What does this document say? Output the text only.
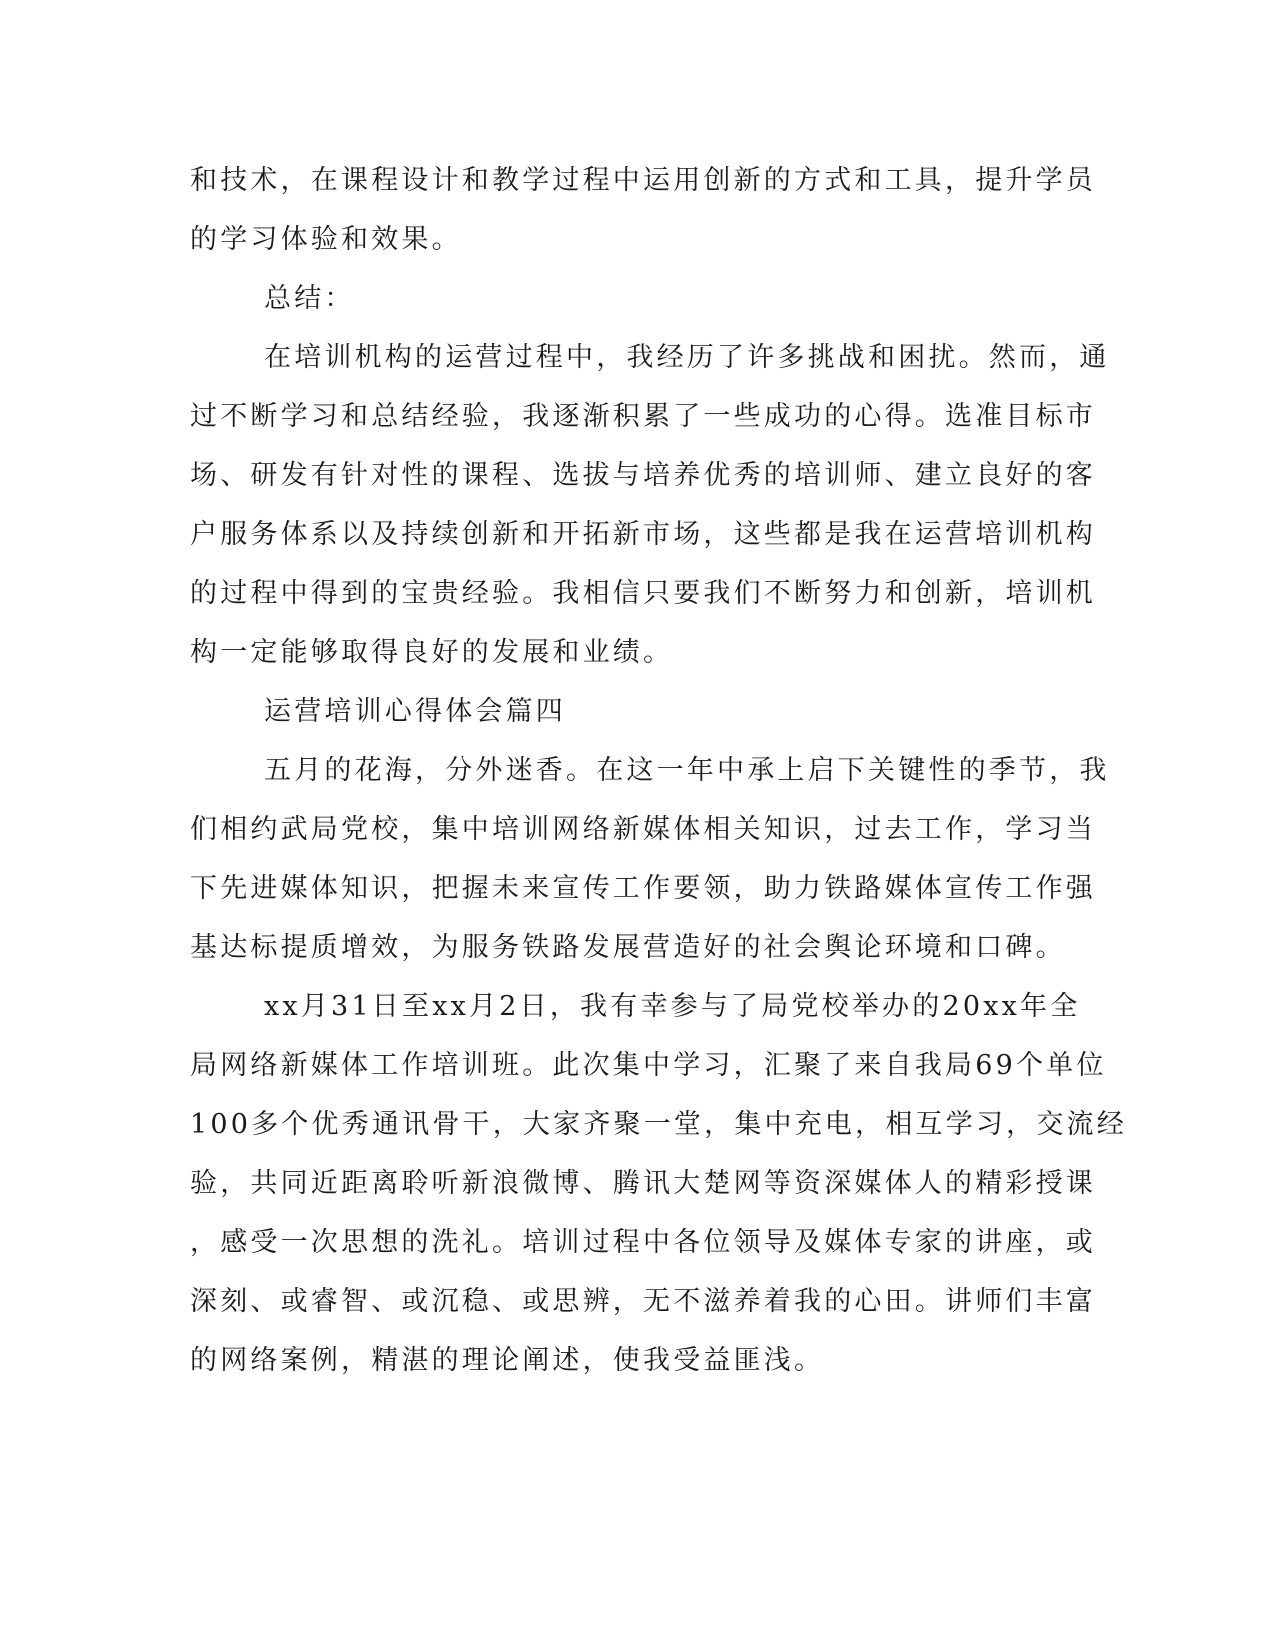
和技术，在课程设计和教学过程中运用创新的方式和工具，提升学员

的学习体验和效果。

总结：

在培训机构的运营过程中，我经历了许多挑战和困扰。然而，通

过不断学习和总结经验，我逐渐积累了一些成功的心得。选准目标市

场、研发有针对性的课程、选拔与培养优秀的培训师、建立良好的客

户服务体系以及持续创新和开拓新市场，这些都是我在运营培训机构

的过程中得到的宝贵经验。我相信只要我们不断努力和创新，培训机

构一定能够取得良好的发展和业绩。

运营培训心得体会篇四

五月的花海，分外迷香。在这一年中承上启下关键性的季节，我

们相约武局党校，集中培训网络新媒体相关知识，过去工作，学习当

下先进媒体知识，把握未来宣传工作要领，助力铁路媒体宣传工作强

基达标提质增效，为服务铁路发展营造好的社会舆论环境和口碑。

xx月31日至xx月2日，我有幸参与了局党校举办的20xx年全

局网络新媒体工作培训班。此次集中学习，汇聚了来自我局69个单位

100多个优秀通讯骨干，大家齐聚一堂，集中充电，相互学习，交流经

验，共同近距离聆听新浪微博、腾讯大楚网等资深媒体人的精彩授课

，感受一次思想的洗礼。培训过程中各位领导及媒体专家的讲座，或

深刻、或睿智、或沉稳、或思辨，无不滋养着我的心田。讲师们丰富

的网络案例，精湛的理论阐述，使我受益匪浅。
